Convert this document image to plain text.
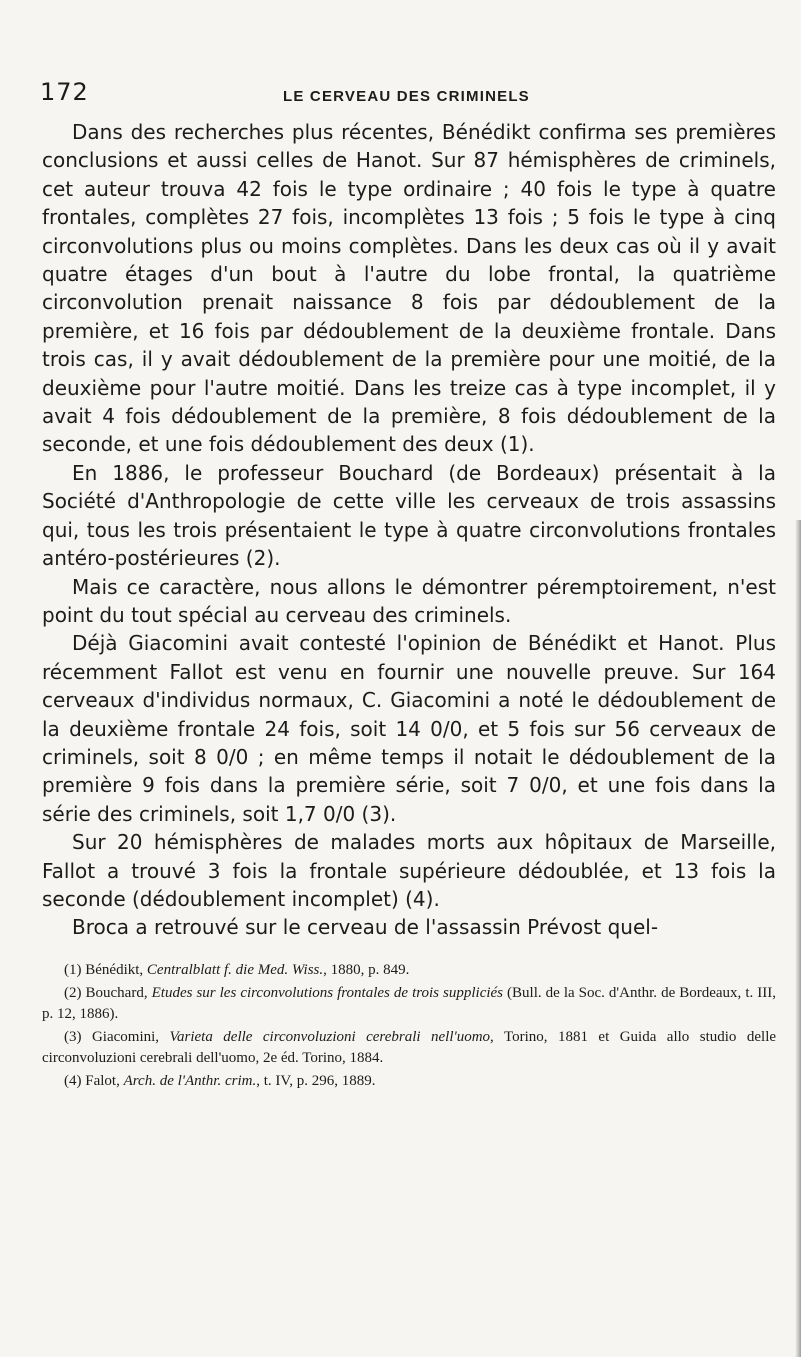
172	LE CERVEAU DES CRIMINELS

Dans des recherches plus récentes, Bénédikt confirma ses premières conclusions et aussi celles de Hanot. Sur 87 hémisphères de criminels, cet auteur trouva 42 fois le type ordinaire ; 40 fois le type à quatre frontales, complètes 27 fois, incomplètes 13 fois ; 5 fois le type à cinq circonvolutions plus ou moins complètes. Dans les deux cas où il y avait quatre étages d'un bout à l'autre du lobe frontal, la quatrième circonvolution prenait naissance 8 fois par dédoublement de la première, et 16 fois par dédoublement de la deuxième frontale. Dans trois cas, il y avait dédoublement de la première pour une moitié, de la deuxième pour l'autre moitié. Dans les treize cas à type incomplet, il y avait 4 fois dédoublement de la première, 8 fois dédoublement de la seconde, et une fois dédoublement des deux (1).

En 1886, le professeur Bouchard (de Bordeaux) présentait à la Société d'Anthropologie de cette ville les cerveaux de trois assassins qui, tous les trois présentaient le type à quatre circonvolutions frontales antéro-postérieures (2).

Mais ce caractère, nous allons le démontrer péremptoirement, n'est point du tout spécial au cerveau des criminels.

Déjà Giacomini avait contesté l'opinion de Bénédikt et Hanot. Plus récemment Fallot est venu en fournir une nouvelle preuve. Sur 164 cerveaux d'individus normaux, C. Giacomini a noté le dédoublement de la deuxième frontale 24 fois, soit 14 0/0, et 5 fois sur 56 cerveaux de criminels, soit 8 0/0 ; en même temps il notait le dédoublement de la première 9 fois dans la première série, soit 7 0/0, et une fois dans la série des criminels, soit 1,7 0/0 (3).

Sur 20 hémisphères de malades morts aux hôpitaux de Marseille, Fallot a trouvé 3 fois la frontale supérieure dédoublée, et 13 fois la seconde (dédoublement incomplet) (4).

Broca a retrouvé sur le cerveau de l'assassin Prévost quel-

(1) Bénédikt, Centralblatt f. die Med. Wiss., 1880, p. 849.

(2) Bouchard, Etudes sur les circonvolutions frontales de trois suppliciés (Bull. de la Soc. d'Anthr. de Bordeaux, t. III, p. 12, 1886).

(3) Giacomini, Varieta delle circonvoluzioni cerebrali nell'uomo, Torino, 1881 et Guida allo studio delle circonvoluzioni cerebrali dell'uomo, 2e éd. Torino, 1884.

(4) Falot, Arch. de l'Anthr. crim., t. IV, p. 296, 1889.
